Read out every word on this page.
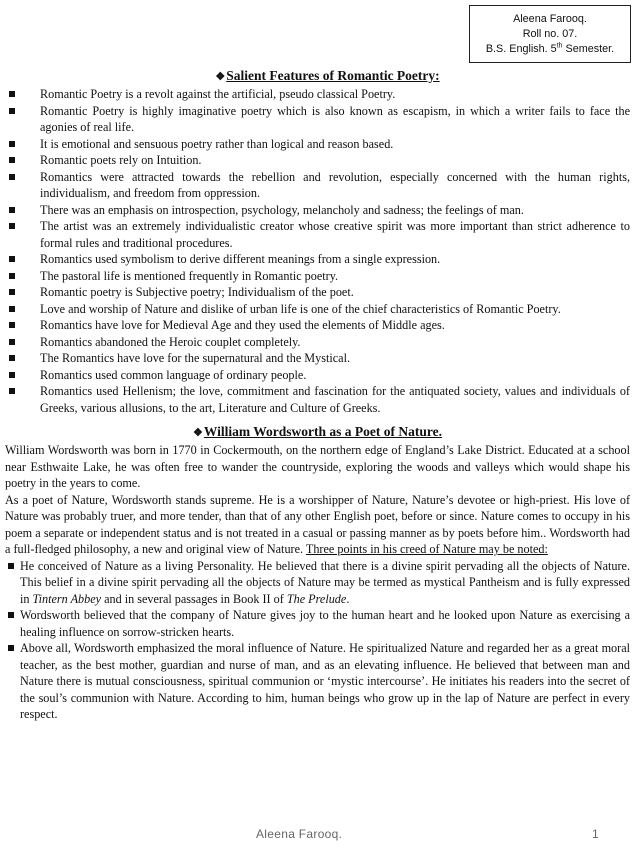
Aleena Farooq.
Roll no. 07.
B.S. English. 5th Semester.
❖Salient Features of Romantic Poetry:
Romantic Poetry is a revolt against the artificial, pseudo classical Poetry.
Romantic Poetry is highly imaginative poetry which is also known as escapism, in which a writer fails to face the agonies of real life.
It is emotional and sensuous poetry rather than logical and reason based.
Romantic poets rely on Intuition.
Romantics were attracted towards the rebellion and revolution, especially concerned with the human rights, individualism, and freedom from oppression.
There was an emphasis on introspection, psychology, melancholy and sadness; the feelings of man.
The artist was an extremely individualistic creator whose creative spirit was more important than strict adherence to formal rules and traditional procedures.
Romantics used symbolism to derive different meanings from a single expression.
The pastoral life is mentioned frequently in Romantic poetry.
Romantic poetry is Subjective poetry; Individualism of the poet.
Love and worship of Nature and dislike of urban life is one of the chief characteristics of Romantic Poetry.
Romantics have love for Medieval Age and they used the elements of Middle ages.
Romantics abandoned the Heroic couplet completely.
The Romantics have love for the supernatural and the Mystical.
Romantics used common language of ordinary people.
Romantics used Hellenism; the love, commitment and fascination for the antiquated society, values and individuals of Greeks, various allusions, to the art, Literature and Culture of Greeks.
❖William Wordsworth as a Poet of Nature.

William Wordsworth was born in 1770 in Cockermouth, on the northern edge of England’s Lake District. Educated at a school near Esthwaite Lake, he was often free to wander the countryside, exploring the woods and valleys which would shape his poetry in the years to come.

As a poet of Nature, Wordsworth stands supreme. He is a worshipper of Nature, Nature’s devotee or high-priest. His love of Nature was probably truer, and more tender, than that of any other English poet, before or since. Nature comes to occupy in his poem a separate or independent status and is not treated in a casual or passing manner as by poets before him.. Wordsworth had a full-fledged philosophy, a new and original view of Nature. Three points in his creed of Nature may be noted:

He conceived of Nature as a living Personality. He believed that there is a divine spirit pervading all the objects of Nature. This belief in a divine spirit pervading all the objects of Nature may be termed as mystical Pantheism and is fully expressed in Tintern Abbey and in several passages in Book II of The Prelude.
Wordsworth believed that the company of Nature gives joy to the human heart and he looked upon Nature as exercising a healing influence on sorrow-stricken hearts.
Above all, Wordsworth emphasized the moral influence of Nature. He spiritualized Nature and regarded her as a great moral teacher, as the best mother, guardian and nurse of man, and as an elevating influence. He believed that between man and Nature there is mutual consciousness, spiritual communion or ‘mystic intercourse’. He initiates his readers into the secret of the soul’s communion with Nature. According to him, human beings who grow up in the lap of Nature are perfect in every respect.
Aleena Farooq.	1
